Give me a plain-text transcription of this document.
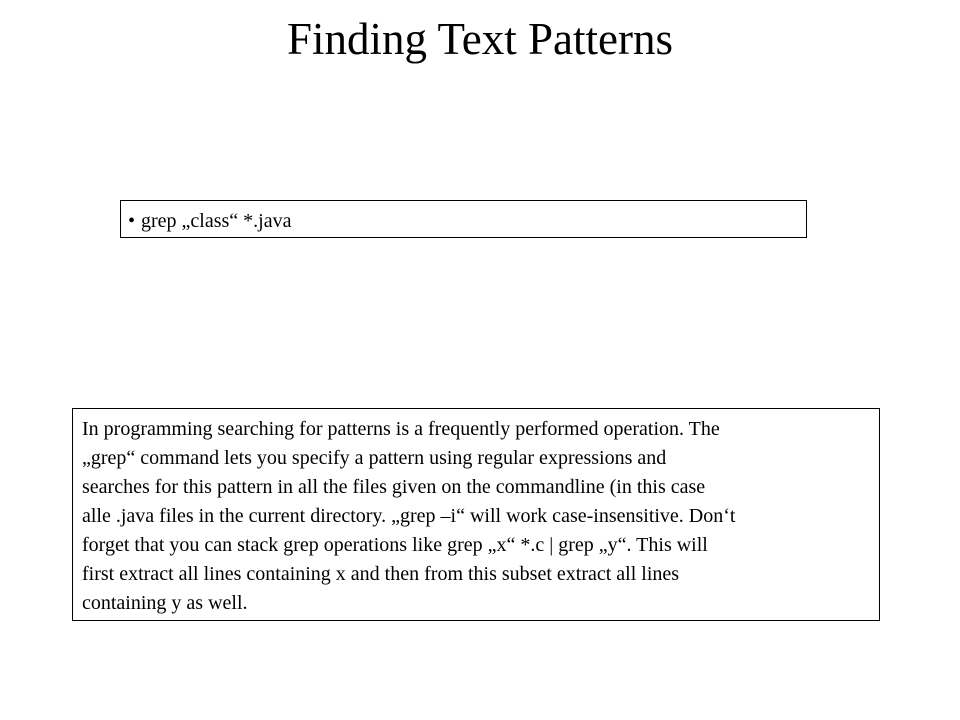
Finding Text Patterns
• grep „class“ *.java
In programming searching for patterns is a frequently performed operation. The
„grep“ command lets you specify a pattern using regular expressions and
searches for this pattern in all the files given on the commandline (in this case
alle .java files in the current directory. „grep –i“ will work case-insensitive. Don‘t
forget that you can stack grep operations like grep „x“ *.c | grep „y“. This will
first extract all lines containing x and then from this subset extract all lines
containing y as well.
